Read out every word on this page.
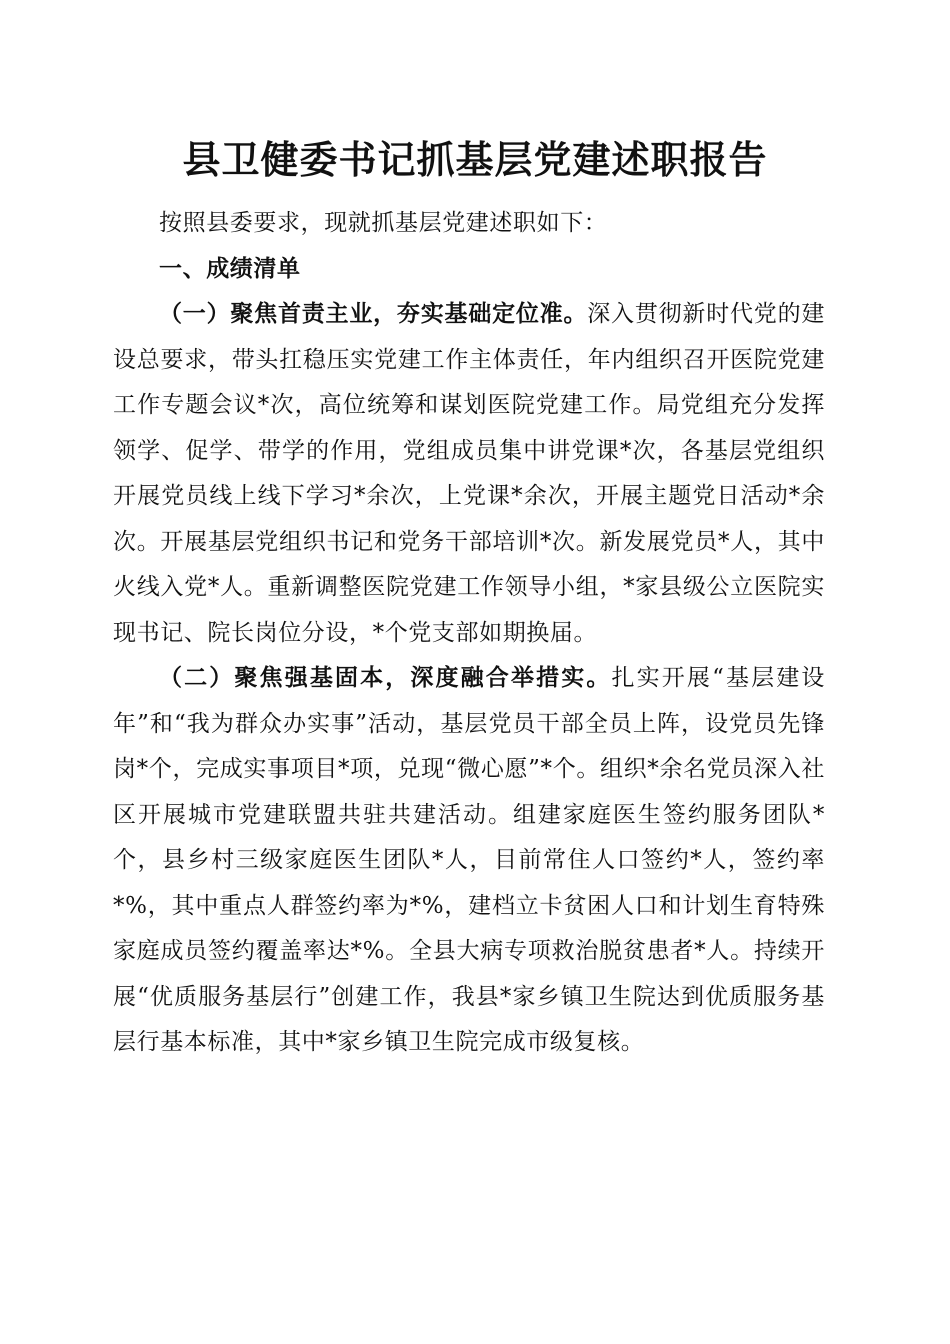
县卫健委书记抓基层党建述职报告

按照县委要求，现就抓基层党建述职如下：

一、成绩清单

（一）聚焦首责主业，夯实基础定位准。深入贯彻新时代党的建设总要求，带头扛稳压实党建工作主体责任，年内组织召开医院党建工作专题会议*次，高位统筹和谋划医院党建工作。局党组充分发挥领学、促学、带学的作用，党组成员集中讲党课*次，各基层党组织开展党员线上线下学习*余次，上党课*余次，开展主题党日活动*余次。开展基层党组织书记和党务干部培训*次。新发展党员*人，其中火线入党*人。重新调整医院党建工作领导小组，*家县级公立医院实现书记、院长岗位分设，*个党支部如期换届。

（二）聚焦强基固本，深度融合举措实。扎实开展“基层建设年”和“我为群众办实事”活动，基层党员干部全员上阵，设党员先锋岗*个，完成实事项目*项，兑现“微心愿”*个。组织*余名党员深入社区开展城市党建联盟共驻共建活动。组建家庭医生签约服务团队*个，县乡村三级家庭医生团队*人，目前常住人口签约*人，签约率*%，其中重点人群签约率为*%，建档立卡贫困人口和计划生育特殊家庭成员签约覆盖率达*%。全县大病专项救治脱贫患者*人。持续开展“优质服务基层行”创建工作，我县*家乡镇卫生院达到优质服务基层行基本标准，其中*家乡镇卫生院完成市级复核。
